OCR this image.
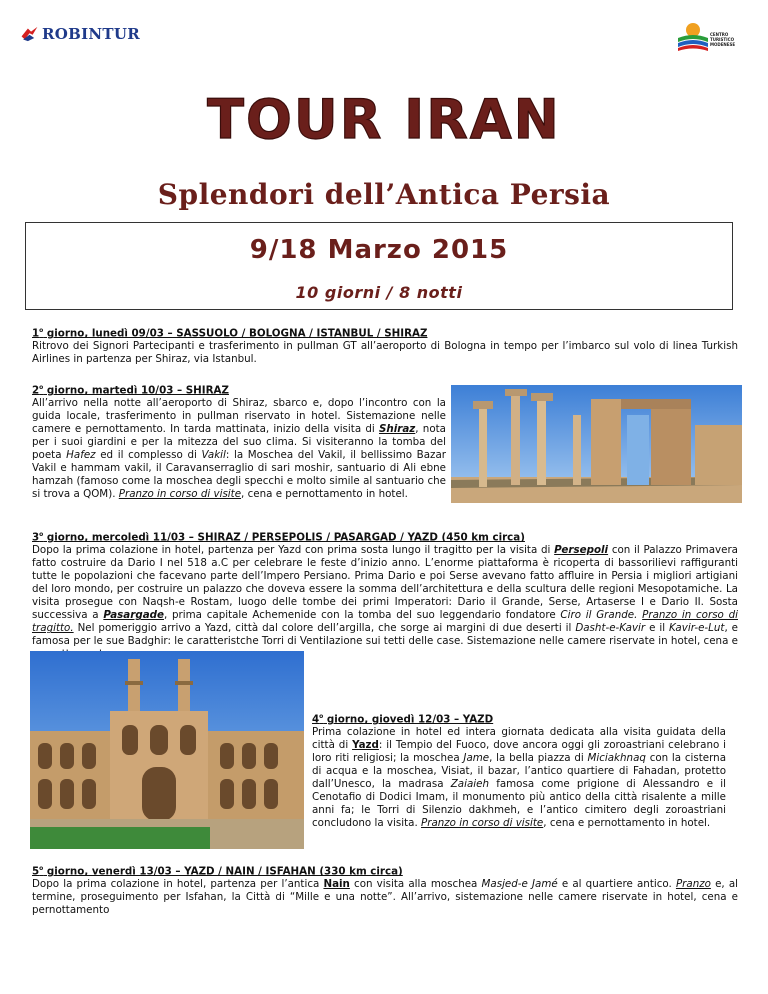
ROBINTUR	CENTRO
TURISTICO
MODENESE
TOUR IRAN
Splendori dell’Antica Persia
9/18 Marzo 2015
10 giorni / 8 notti
1$^o$ giorno, lunedì 09/03 – SASSUOLO / BOLOGNA / ISTANBUL / SHIRAZ
Ritrovo dei Signori Partecipanti e trasferimento in pullman GT all’aeroporto di Bologna in tempo per l’imbarco sul volo di linea Turkish Airlines in partenza per Shiraz, via Istanbul.
2$^o$ giorno, martedì 10/03 – SHIRAZ
All’arrivo nella notte all’aeroporto di Shiraz, sbarco e, dopo l’incontro con la guida locale, trasferimento in pullman riservato in hotel. Sistemazione nelle camere e pernottamento. In tarda mattinata, inizio della visita di Shiraz, nota per i suoi giardini e per la mitezza del suo clima. Si visiteranno la tomba del poeta Hafez ed il complesso di Vakil: la Moschea del Vakil, il bellissimo Bazar Vakil e hammam vakil, il Caravanserraglio di sari moshir, santuario di Ali ebne hamzah (famoso come la moschea degli specchi e molto simile al santuario che si trova a QOM). Pranzo in corso di visite, cena e pernottamento in hotel.
3$^o$ giorno, mercoledì 11/03 – SHIRAZ / PERSEPOLIS / PASARGAD / YAZD (450 km circa)
Dopo la prima colazione in hotel, partenza per Yazd con prima sosta lungo il tragitto per la visita di Persepoli con il Palazzo Primavera fatto costruire da Dario I nel 518 a.C per celebrare le feste d’inizio anno. L’enorme piattaforma è ricoperta di bassorilievi raffiguranti tutte le popolazioni che facevano parte dell’Impero Persiano. Prima Dario e poi Serse avevano fatto affluire in Persia i migliori artigiani del loro mondo, per costruire un palazzo che doveva essere la somma dell’architettura e della scultura delle regioni Mesopotamiche. La visita prosegue con Naqsh-e Rostam, luogo delle tombe dei primi Imperatori: Dario il Grande, Serse, Artaserse I e Dario II. Sosta successiva a Pasargade, prima capitale Achemenide con la tomba del suo leggendario fondatore Ciro il Grande. Pranzo in corso di tragitto. Nel pomeriggio arrivo a Yazd, città dal colore dell’argilla, che sorge ai margini di due deserti il Dasht-e-Kavir e il Kavir-e-Lut, e famosa per le sue Badghir: le caratteristche Torri di Ventilazione sui tetti delle case. Sistemazione nelle camere riservate in hotel, cena e
4$^o$ giorno, giovedì 12/03 – YAZD
Prima colazione in hotel ed intera giornata dedicata alla visita guidata della città di Yazd: il Tempio del Fuoco, dove ancora oggi gli zoroastriani celebrano i loro riti religiosi; la moschea Jame, la bella piazza di Miciakhnaq con la cisterna di acqua e la moschea, Visiat, il bazar, l’antico quartiere di Fahadan, protetto dall’Unesco, la madrasa Zaiaieh famosa come prigione di Alessandro e il Cenotafio di Dodici Imam, il monumento più antico della città risalente a mille anni fa; le Torri di Silenzio dakhmeh, e l’antico cimitero degli zoroastriani concludono la visita. Pranzo in corso di visite, cena e pernottamento in hotel.
5$^o$ giorno, venerdì 13/03 – YAZD / NAIN / ISFAHAN (330 km circa)
Dopo la prima colazione in hotel, partenza per l’antica Nain con visita alla moschea Masjed-e Jamé e al quartiere antico. Pranzo e, al termine, proseguimento per Isfahan, la Città di “Mille e una notte”. All’arrivo, sistemazione nelle camere riservate in hotel, cena e pernottamento
